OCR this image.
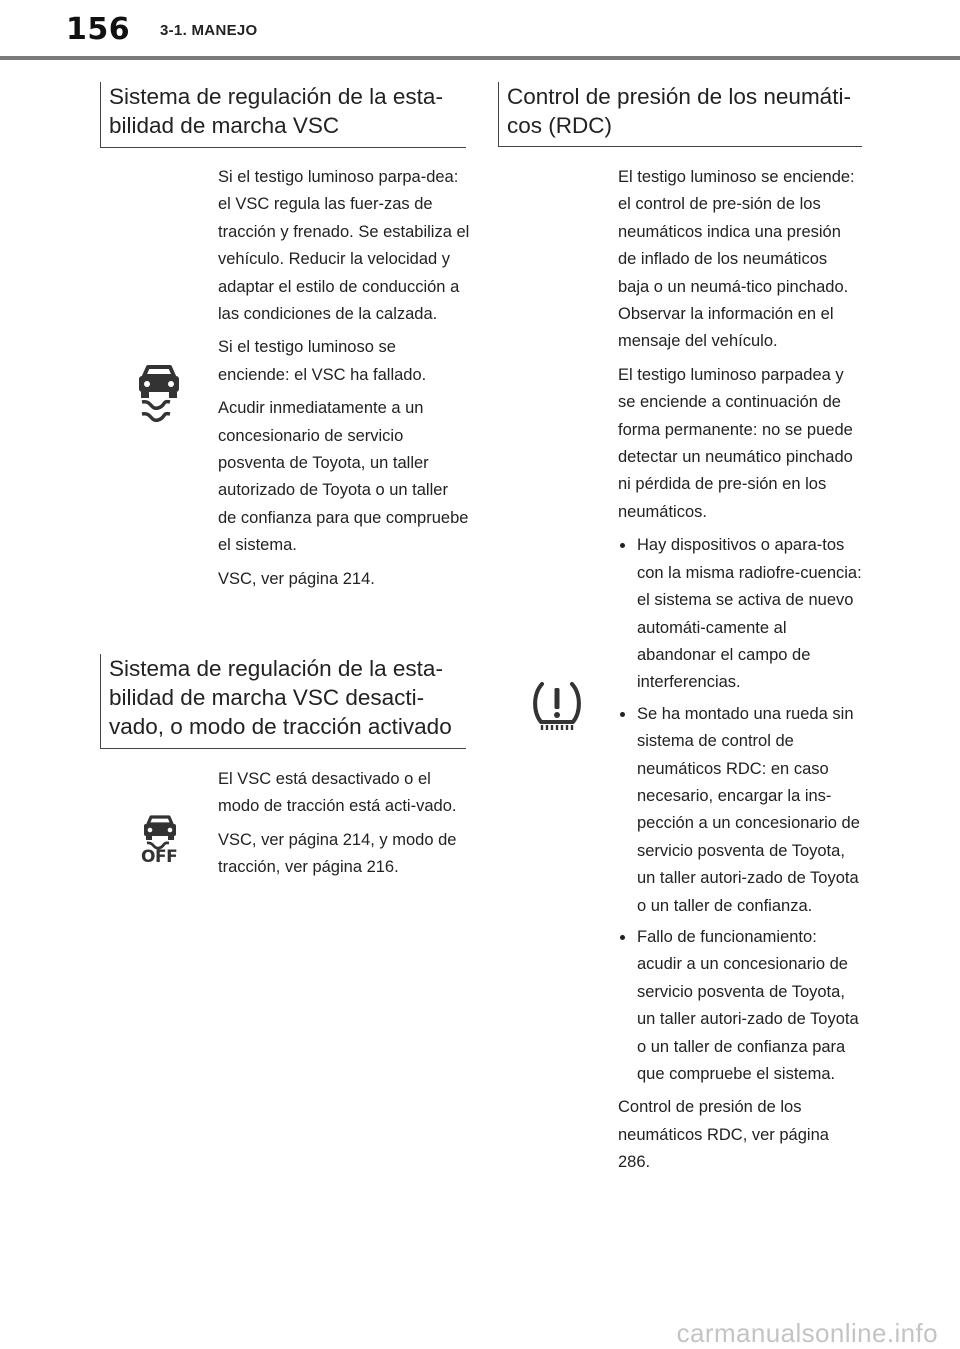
156 3-1. MANEJO
Sistema de regulación de la esta-
bilidad de marcha VSC

Si el testigo luminoso parpa-dea: el VSC regula las fuer-zas de tracción y frenado. Se estabiliza el vehículo. Reducir la velocidad y adaptar el estilo de conducción a las condiciones de la calzada.

Si el testigo luminoso se enciende: el VSC ha fallado.

Acudir inmediatamente a un concesionario de servicio posventa de Toyota, un taller autorizado de Toyota o un taller de confianza para que compruebe el sistema.

VSC, ver página 214.

Sistema de regulación de la esta-
bilidad de marcha VSC desacti-
vado, o modo de tracción activado
OFF

El VSC está desactivado o el modo de tracción está acti-vado.

VSC, ver página 214, y modo de tracción, ver página 216.

Control de presión de los neumáti-
cos (RDC)

El testigo luminoso se enciende: el control de pre-sión de los neumáticos indica una presión de inflado de los neumáticos baja o un neumá-tico pinchado. Observar la información en el mensaje del vehículo.

El testigo luminoso parpadea y se enciende a continuación de forma permanente: no se puede detectar un neumático pinchado ni pérdida de pre-sión en los neumáticos.

Hay dispositivos o apara-tos con la misma radiofre-cuencia: el sistema se activa de nuevo automáti-camente al abandonar el campo de interferencias.
Se ha montado una rueda sin sistema de control de neumáticos RDC: en caso necesario, encargar la ins-pección a un concesionario de servicio posventa de Toyota, un taller autori-zado de Toyota o un taller de confianza.
Fallo de funcionamiento: acudir a un concesionario de servicio posventa de Toyota, un taller autori-zado de Toyota o un taller de confianza para que compruebe el sistema.

Control de presión de los neumáticos RDC, ver página 286.

carmanualsonline.info
